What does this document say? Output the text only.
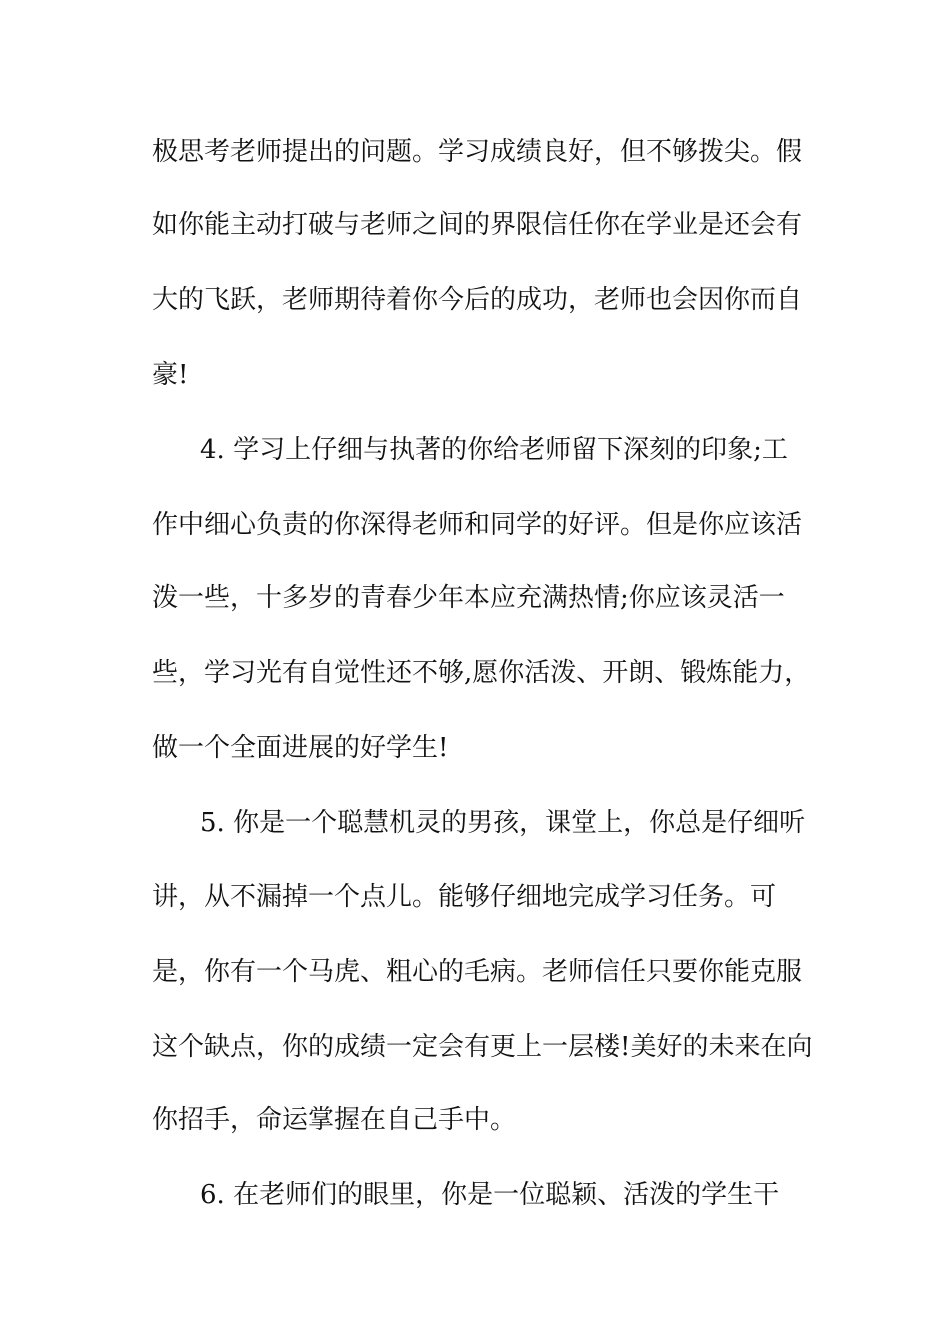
极思考老师提出的问题。学习成绩良好，但不够拨尖。假
如你能主动打破与老师之间的界限信任你在学业是还会有
大的飞跃，老师期待着你今后的成功，老师也会因你而自
豪!
4. 学习上仔细与执著的你给老师留下深刻的印象;工
作中细心负责的你深得老师和同学的好评。但是你应该活
泼一些，十多岁的青春少年本应充满热情;你应该灵活一
些，学习光有自觉性还不够,愿你活泼、开朗、锻炼能力，
做一个全面进展的好学生!
5. 你是一个聪慧机灵的男孩，课堂上，你总是仔细听
讲，从不漏掉一个点儿。能够仔细地完成学习任务。可
是，你有一个马虎、粗心的毛病。老师信任只要你能克服
这个缺点，你的成绩一定会有更上一层楼!美好的未来在向
你招手，命运掌握在自己手中。
6. 在老师们的眼里，你是一位聪颖、活泼的学生干
